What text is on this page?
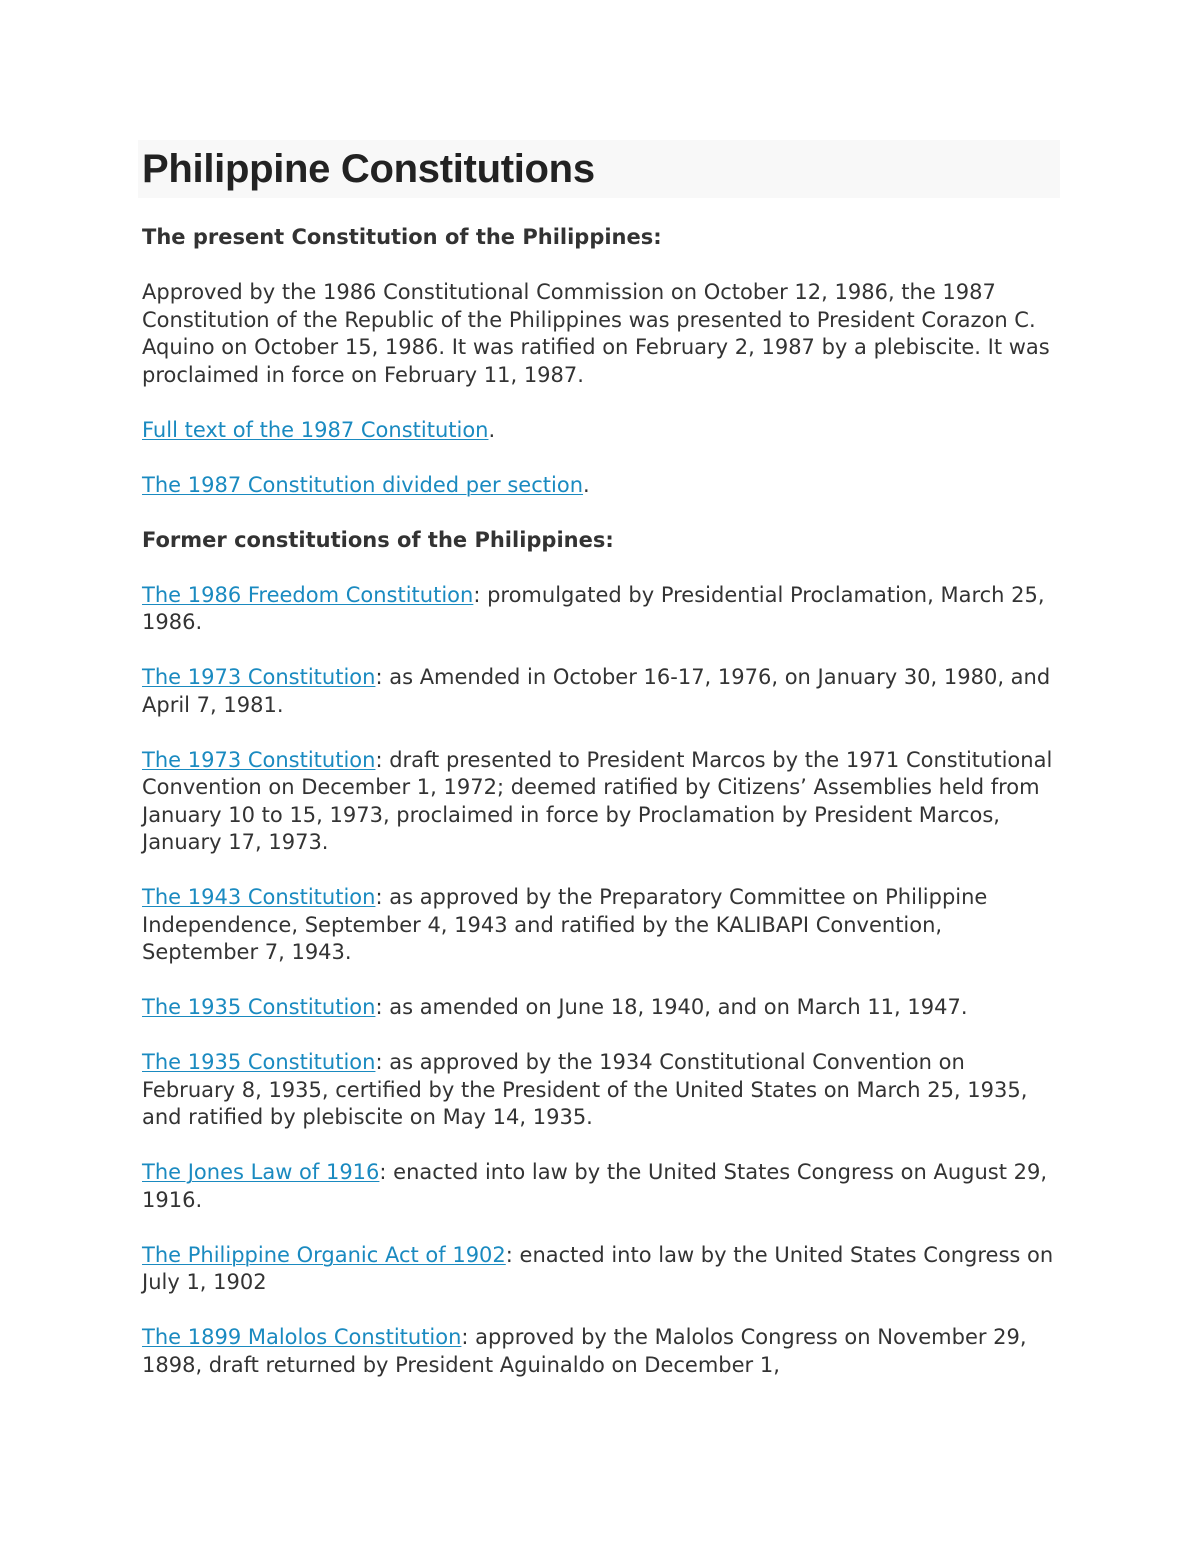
Philippine Constitutions

The present Constitution of the Philippines:

Approved by the 1986 Constitutional Commission on October 12, 1986, the 1987 Constitution of the Republic of the Philippines was presented to President Corazon C. Aquino on October 15, 1986. It was ratified on February 2, 1987 by a plebiscite. It was proclaimed in force on February 11, 1987.

Full text of the 1987 Constitution.

The 1987 Constitution divided per section.

Former constitutions of the Philippines:

The 1986 Freedom Constitution: promulgated by Presidential Proclamation, March 25, 1986.

The 1973 Constitution: as Amended in October 16-17, 1976, on January 30, 1980, and April 7, 1981.

The 1973 Constitution: draft presented to President Marcos by the 1971 Constitutional Convention on December 1, 1972; deemed ratified by Citizens’ Assemblies held from January 10 to 15, 1973, proclaimed in force by Proclamation by President Marcos, January 17, 1973.

The 1943 Constitution: as approved by the Preparatory Committee on Philippine Independence, September 4, 1943 and ratified by the KALIBAPI Convention, September 7, 1943.

The 1935 Constitution: as amended on June 18, 1940, and on March 11, 1947.

The 1935 Constitution: as approved by the 1934 Constitutional Convention on February 8, 1935, certified by the President of the United States on March 25, 1935, and ratified by plebiscite on May 14, 1935.

The Jones Law of 1916: enacted into law by the United States Congress on August 29, 1916.

The Philippine Organic Act of 1902: enacted into law by the United States Congress on July 1, 1902

The 1899 Malolos Constitution: approved by the Malolos Congress on November 29, 1898, draft returned by President Aguinaldo on December 1,
